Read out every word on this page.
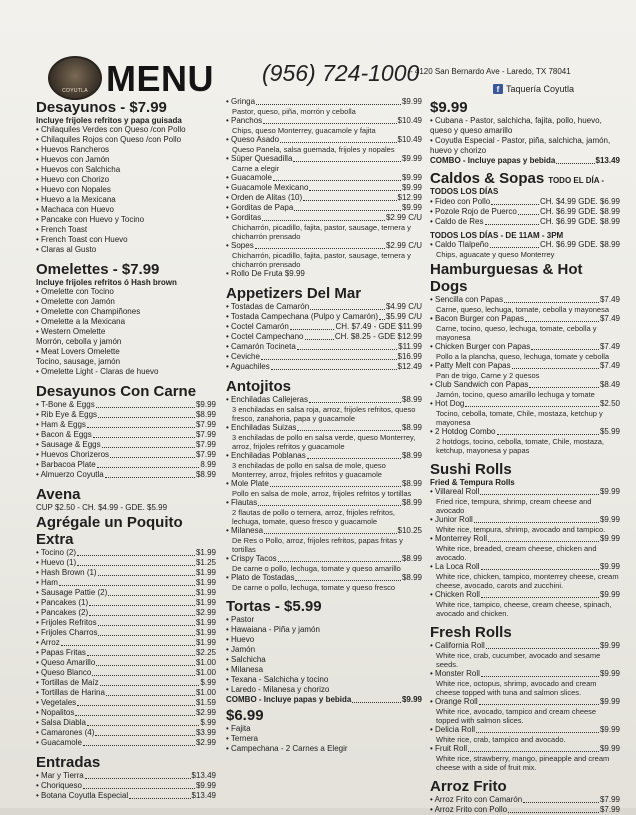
COYUTLA MENU (956) 724-1000
- 4120 San Bernardo Ave - Laredo, TX 78041
f Taquería Coyutla
Desayunos - $7.99
Incluye frijoles refritos y papa guisada
• Chilaquiles Verdes con Queso /con Pollo
• Chilaquiles Rojos con Queso /con Pollo
• Huevos Rancheros
• Huevos con Jamón
• Huevos con Salchicha
• Huevo con Chorizo
• Huevo con Nopales
• Huevo a la Mexicana
• Machaca con Huevo
• Pancake con Huevo y Tocino
• French Toast
• French Toast con Huevo
• Claras al Gusto
Omelettes - $7.99
Incluye frijoles refritos ó Hash brown
• Omelette con Tocino
• Omelette con Jamón
• Omelette con Champiñones
• Omelette a la Mexicana
• Western Omelette
Morrón, cebolla y jamón
• Meat Lovers Omelette
Tocino, sausage, jamón
• Omelette Light - Claras de huevo
Desayunos Con Carne
• T-Bone & Eggs	$9.99
• Rib Eye & Eggs	$8.99
• Ham & Eggs	$7.99
• Bacon & Eggs	$7.99
• Sausage & Eggs	$7.99
• Huevos Chorizeros	$7.99
• Barbacoa Plate	8.99
• Almuerzo Coyutla	$8.99
Avena
CUP $2.50 - CH. $4.99 - GDE. $5.99
Agrégale un Poquito Extra
• Tocino (2)	$1.99
• Huevo (1)	$1.25
• Hash Brown (1)	$1.99
• Ham	$1.99
• Sausage Pattie (2)	$1.99
• Pancakes (1)	$1.99
• Pancakes (2)	$2.99
• Frijoles Refritos	$1.99
• Frijoles Charros	$1.99
• Arroz	$1.99
• Papas Fritas	$2.25
• Queso Amarillo	$1.00
• Queso Blanco	$1.00
• Tortillas de Maíz	$.99
• Tortillas de Harina	$1.00
• Vegetales	$1.59
• Nopalitos	$2.99
• Salsa Diabla	$.99
• Camarones (4)	$3.99
• Guacamole	$2.99
Entradas
• Mar y Tierra	$13.49
• Choriqueso	$9.99
• Botana Coyutla Especial	$13.49
• Gringa	$9.99
Pastor, queso, piña, morrón y cebolla
• Panchos	$10.49
Chips, queso Monterrey, guacamole y fajita
• Queso Asado	$10.49
Queso Panela, salsa guemada, frijoles y nopales
• Súper Quesadilla	$9.99
Carne a elegir
• Guacamole	$9.99
• Guacamole Mexicano	$9.99
• Orden de Alitas (10)	$12.99
• Gorditas de Papa	$9.99
• Gorditas	$2.99 C/U
Chicharrón, picadillo, fajita, pastor, sausage, ternera y chicharrón prensado
• Sopes	$2.99 C/U
Chicharrón, picadillo, fajita, pastor, sausage, ternera y chicharrón prensado
• Rollo De Fruta $9.99
Appetizers Del Mar
• Tostadas de Camarón	$4.99 C/U
• Tostada Campechana (Pulpo y Camarón) $5.99 C/U
• Coctel Camarón	CH. $7.49 - GDE $11.99
• Coctel Campechano	CH. $8.25 - GDE $12.99
• Camarón Tocineta	$11.99
• Ceviche	$16.99
• Aguachiles	$12.49
Antojitos
• Enchiladas Callejeras	$8.99
3 enchiladas en salsa roja, arroz, frijoles refritos, queso fresco, zanahoria, papa y guacamole
• Enchiladas Suizas	$8.99
3 enchiladas de pollo en salsa verde, queso Monterrey, arroz, frijoles refritos y guacamole
• Enchiladas Poblanas	$8.99
3 enchiladas de pollo en salsa de mole, queso Monterrey, arroz, frijoles refritos y guacamole
• Mole Plate	$8.99
Pollo en salsa de mole, arroz, frijoles refritos y tortillas
• Flautas	$8.99
2 flautas de pollo o ternera, arroz, frijoles refritos, lechuga, tomate, queso fresco y guacamole
• Milanesa	$10.25
De Res o Pollo, arroz, frijoles refritos, papas fritas y tortillas
• Crispy Tacos	$8.99
De carne o pollo, lechuga, tomate y queso amarillo
• Plato de Tostadas	$8.99
De carne o pollo, lechuga, tomate y queso fresco
Tortas - $5.99
• Pastor
• Hawaiana - Piña y jamón
• Huevo
• Jamón
• Salchicha
• Milanesa
• Texana - Salchicha y tocino
• Laredo - Milanesa y chorizo
COMBO - Incluye papas y bebida	$9.99
$6.99
• Fajita
• Ternera
• Campechana - 2 Carnes a Elegir
$9.99
• Cubana - Pastor, salchicha, fajita, pollo, huevo, queso y queso amarillo
• Coyutla Especial - Pastor, piña, salchicha, jamón, huevo y chorizo
COMBO - Incluye papas y bebida	$13.49
Caldos & Sopas TODO EL DÍA - TODOS LOS DÍAS
• Fideo con Pollo	CH. $4.99 GDE. $6.99
• Pozole Rojo de Puerco	CH. $6.99 GDE. $8.99
• Caldo de Res	CH. $6.99 GDE. $8.99
TODOS LOS DÍAS - DE 11AM - 3PM
• Caldo Tlalpeño	CH. $6.99 GDE. $8.99
Chips, aguacate y queso Monterrey
Hamburguesas & Hot Dogs
• Sencilla con Papas	$7.49
Carne, queso, lechuga, tomate, cebolla y mayonesa
• Bacon Burger con Papas	$7.49
Carne, tocino, queso, lechuga, tomate, cebolla y mayonesa
• Chicken Burger con Papas	$7.49
Pollo a la plancha, queso, lechuga, tomate y cebolla
• Patty Melt con Papas	$7.49
Pan de trigo, Carne y 2 quesos
• Club Sandwich con Papas	$8.49
Jamón, tocino, queso amarillo lechuga y tomate
• Hot Dog	$2.50
Tocino, cebolla, tomate, Chile, mostaza, ketchup y mayonesa
• 2 Hotdog Combo	$5.99
2 hotdogs, tocino, cebolla, tomate, Chile, mostaza, ketchup, mayonesa y papas
Sushi Rolls
Fried & Tempura Rolls
• Villareal Roll	$9.99
Fried rice, tempura, shrimp, cream cheese and avocado
• Junior Roll	$9.99
White rice, tempura, shrimp, avocado and tampico.
• Monterrey Roll	$9.99
White rice, breaded, cream cheese, chicken and avocado.
• La Loca Roll	$9.99
White rice, chicken, tampico, monterrey cheese, cream cheese, avocado, carots and zucchini.
• Chicken Roll	$9.99
White rice, tampico, cheese, cream cheese, spinach, avocado and chicken.
Fresh Rolls
• California Roll	$9.99
White rice, crab, cucumber, avocado and sesame seeds.
• Monster Roll	$9.99
White rice, octopus, shrimp, avocado and cream cheese topped with tuna and salmon slices.
• Orange Roll	$9.99
White rice, avocado, tampico and cream cheese topped with salmon slices.
• Delicia Roll	$9.99
White rice, crab, tampico and avocado.
• Fruit Roll	$9.99
White rice, strawberry, mango, pineapple and cream cheese with a side of fruit mix.
Arroz Frito
• Arroz Frito con Camarón	$7.99
• Arroz Frito con Pollo	$7.99
